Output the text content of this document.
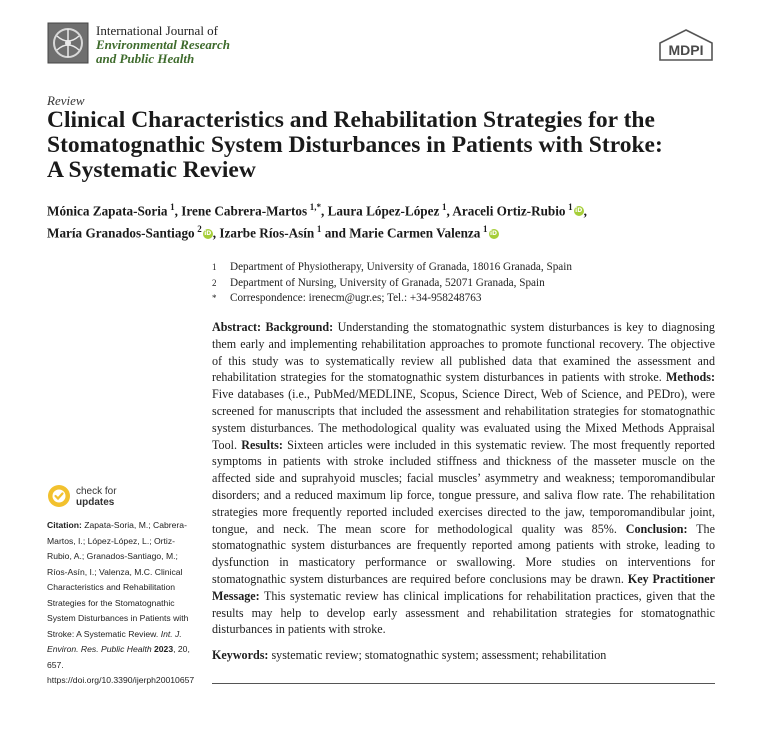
International Journal of
Environmental Research
and Public Health
MDPI
Review
Clinical Characteristics and Rehabilitation Strategies for the
Stomatognathic System Disturbances in Patients with Stroke:
A Systematic Review
Mónica Zapata-Soria  $^1$, Irene Cabrera-Martos  $^{1,*}$, Laura López-López  $^1$, Araceli Ortiz-Rubio  $^1$ iD,
María Granados-Santiago  $^2$ iD, Izarbe Ríos-Asín  $^1$ and Marie Carmen Valenza  $^1$ iD
1	Department of Physiotherapy, University of Granada, 18016 Granada, Spain
2	Department of Nursing, University of Granada, 52071 Granada, Spain
*	Correspondence: irenecm@ugr.es; Tel.: +34-958248763
Abstract: Background: Understanding the stomatognathic system disturbances is key to diagnosing them early and implementing rehabilitation approaches to promote functional recovery. The objective of this study was to systematically review all published data that examined the assessment and rehabilitation strategies for the stomatognathic system disturbances in patients with stroke. Methods: Five databases (i.e., PubMed/MEDLINE, Scopus, Science Direct, Web of Science, and PEDro), were screened for manuscripts that included the assessment and rehabilitation strategies for stomatognathic system disturbances. The methodological quality was evaluated using the Mixed Methods Appraisal Tool. Results: Sixteen articles were included in this systematic review. The most frequently reported symptoms in patients with stroke included stiffness and thickness of the masseter muscle on the affected side and suprahyoid muscles; facial muscles’ asymmetry and weakness; temporomandibular disorders; and a reduced maximum lip force, tongue pressure, and saliva flow rate. The rehabilitation strategies more frequently reported included exercises directed to the jaw, temporomandibular joint, tongue, and neck. The mean score for methodological quality was 85%. Conclusion: The stomatognathic system disturbances are frequently reported among patients with stroke, leading to dysfunction in masticatory performance or swallowing. More studies on interventions for stomatognathic system disturbances are required before conclusions may be drawn. Key Practitioner Message: This systematic review has clinical implications for rehabilitation practices, given that the results may help to develop early assessment and rehabilitation strategies for stomatognathic disturbances in patients with stroke.
Keywords: systematic review; stomatognathic system; assessment; rehabilitation
check for
updates
Citation: Zapata-Soria, M.; Cabrera-Martos, I.; López-López, L.; Ortiz-Rubio, A.; Granados-Santiago, M.; Ríos-Asín, I.; Valenza, M.C. Clinical Characteristics and Rehabilitation Strategies for the Stomatognathic System Disturbances in Patients with Stroke: A Systematic Review. Int. J. Environ. Res. Public Health 2023, 20, 657. https://doi.org/10.3390/ijerph20010657
